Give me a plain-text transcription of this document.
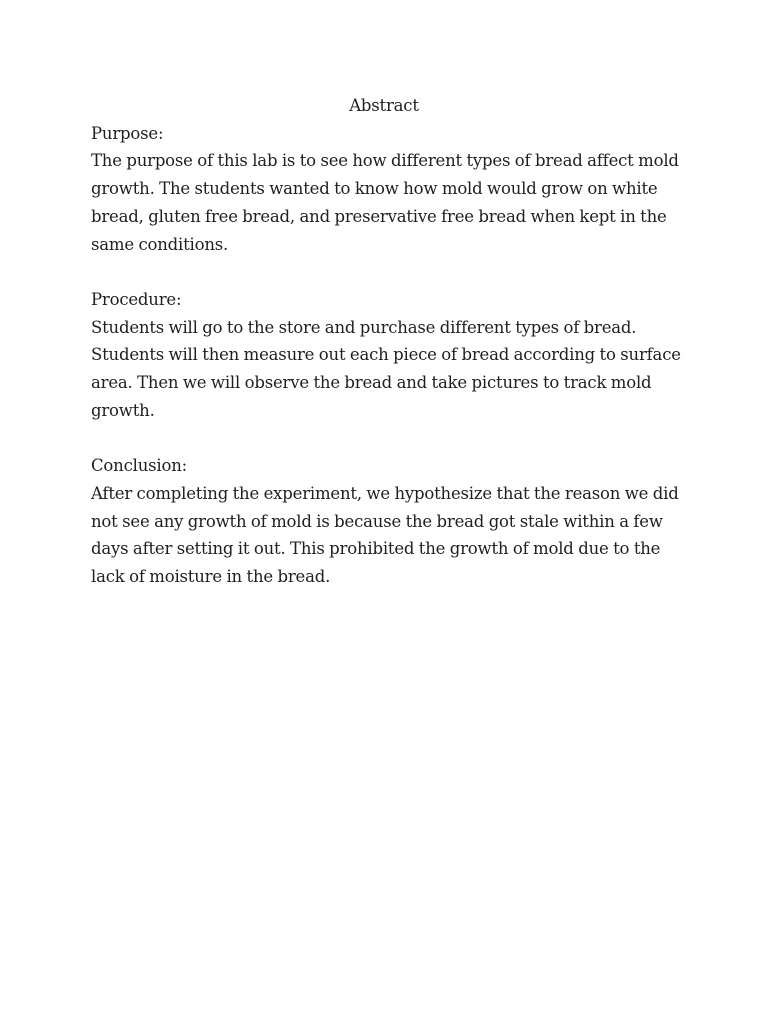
Abstract
Purpose:

The purpose of this lab is to see how different types of bread affect mold growth. The students wanted to know how mold would grow on white bread, gluten free bread, and preservative free bread when kept in the same conditions.

Procedure:

Students will go to the store and purchase different types of bread. Students will then measure out each piece of bread according to surface area. Then we will observe the bread and take pictures to track mold growth.

Conclusion:

After completing the experiment, we hypothesize that the reason we did not see any growth of mold is because the bread got stale within a few days after setting it out. This prohibited the growth of mold due to the lack of moisture in the bread.
